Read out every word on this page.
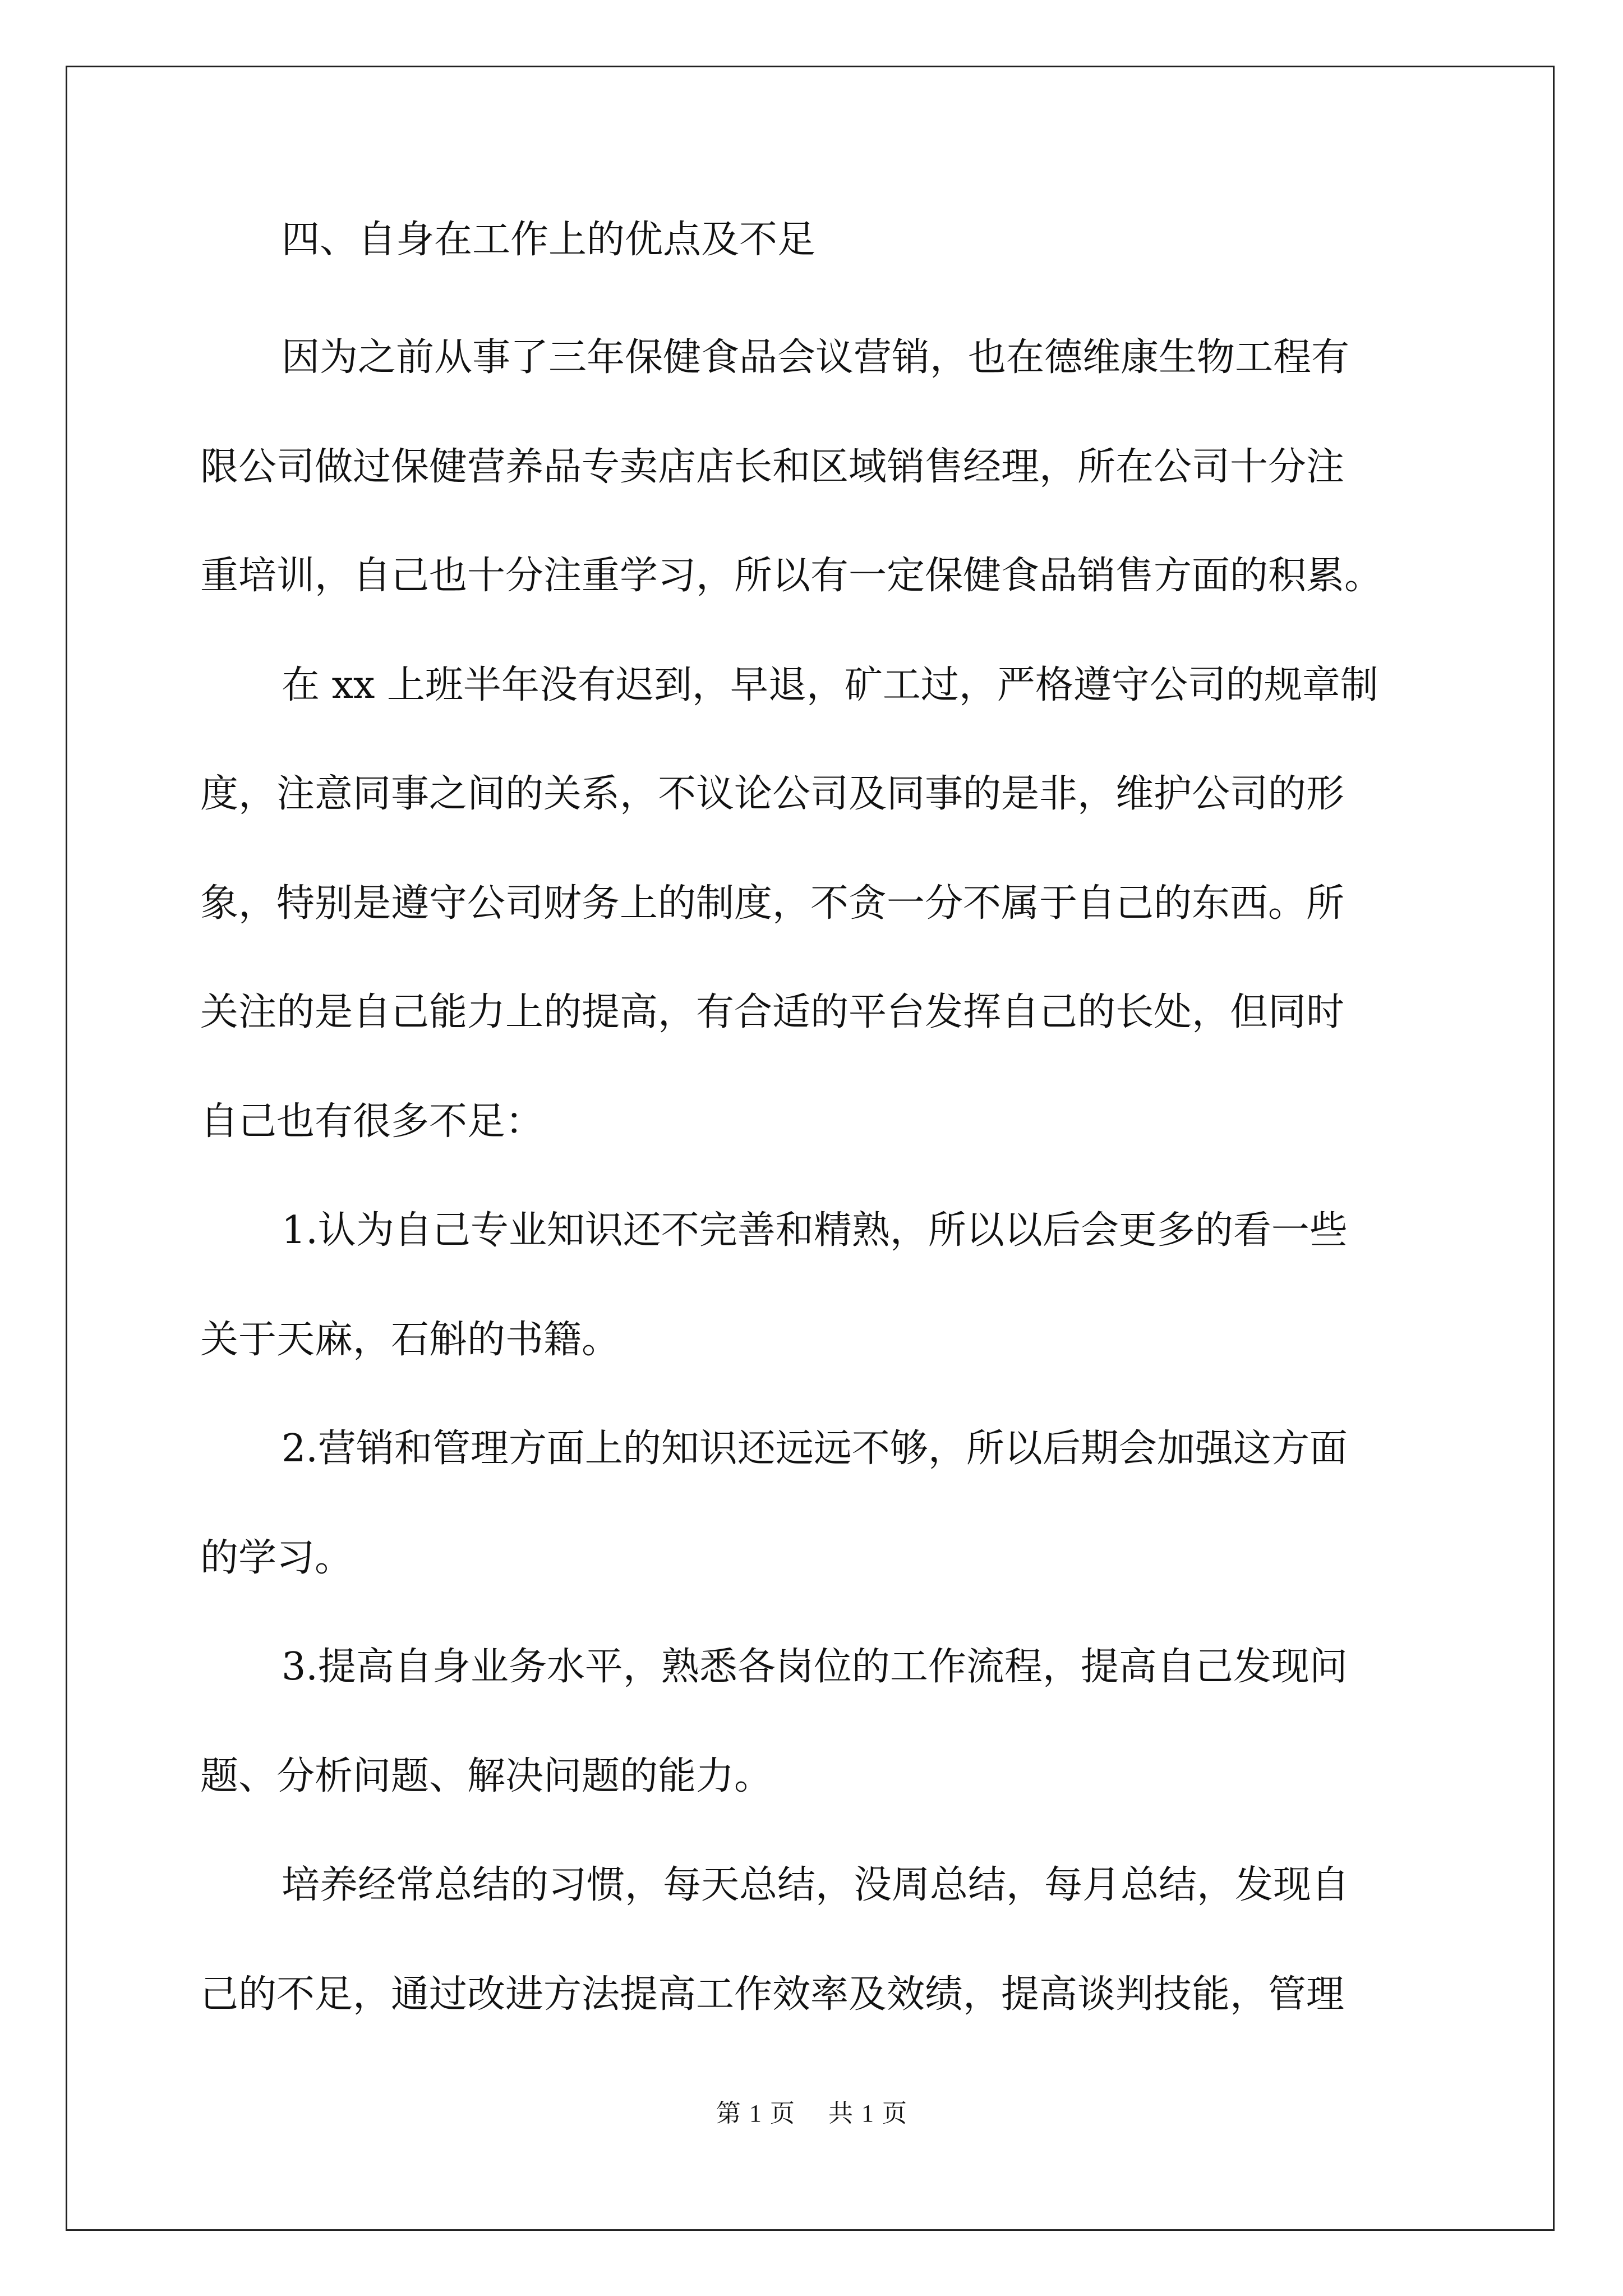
四、自身在工作上的优点及不足
因为之前从事了三年保健食品会议营销，也在德维康生物工程有
限公司做过保健营养品专卖店店长和区域销售经理，所在公司十分注
重培训，自己也十分注重学习，所以有一定保健食品销售方面的积累。
在 xx 上班半年没有迟到，早退，矿工过，严格遵守公司的规章制
度，注意同事之间的关系，不议论公司及同事的是非，维护公司的形
象，特别是遵守公司财务上的制度，不贪一分不属于自己的东西。所
关注的是自己能力上的提高，有合适的平台发挥自己的长处，但同时
自己也有很多不足：
1.认为自己专业知识还不完善和精熟，所以以后会更多的看一些
关于天麻，石斛的书籍。
2.营销和管理方面上的知识还远远不够，所以后期会加强这方面
的学习。
3.提高自身业务水平，熟悉各岗位的工作流程，提高自己发现问
题、分析问题、解决问题的能力。
培养经常总结的习惯，每天总结，没周总结，每月总结，发现自
己的不足，通过改进方法提高工作效率及效绩，提高谈判技能，管理
第 1 页 共 1 页
